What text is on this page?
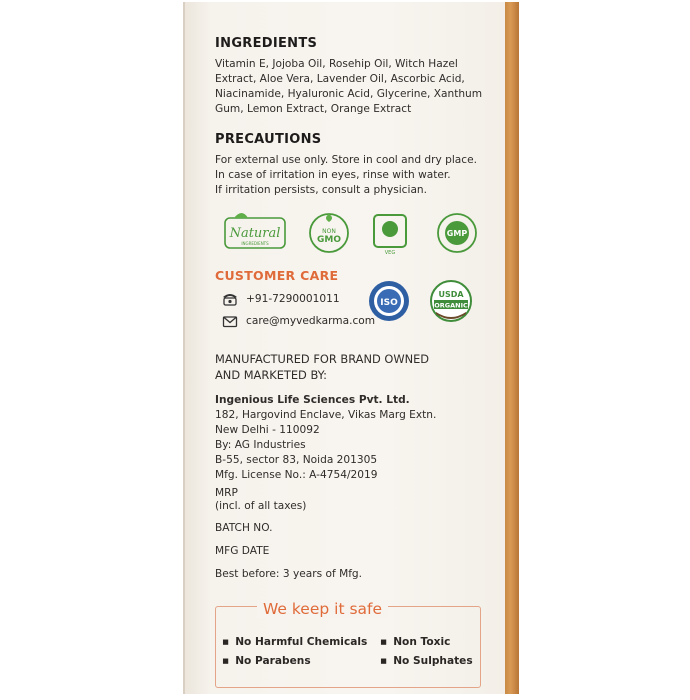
INGREDIENTS
Vitamin E, Jojoba Oil, Rosehip Oil, Witch Hazel
Extract, Aloe Vera, Lavender Oil, Ascorbic Acid,
Niacinamide, Hyaluronic Acid, Glycerine, Xanthum
Gum, Lemon Extract, Orange Extract
PRECAUTIONS
For external use only. Store in cool and dry place.
In case of irritation in eyes, rinse with water.
If irritation persists, consult a physician.
Natural
INGREDIENTS
NON
GMO
VEG
GMP
CUSTOMER CARE
+91-7290001011
care@myvedkarma.com
ISO
USDA
ORGANIC
MANUFACTURED FOR BRAND OWNED
AND MARKETED BY:
Ingenious Life Sciences Pvt. Ltd.
182, Hargovind Enclave, Vikas Marg Extn.
New Delhi - 110092
By: AG Industries
B-55, sector 83, Noida 201305
Mfg. License No.: A-4754/2019
MRP
(incl. of all taxes)
BATCH NO.
MFG DATE
Best before: 3 years of Mfg.
We keep it safe
▪ No Harmful Chemicals	▪ Non Toxic
▪ No Parabens	▪ No Sulphates
